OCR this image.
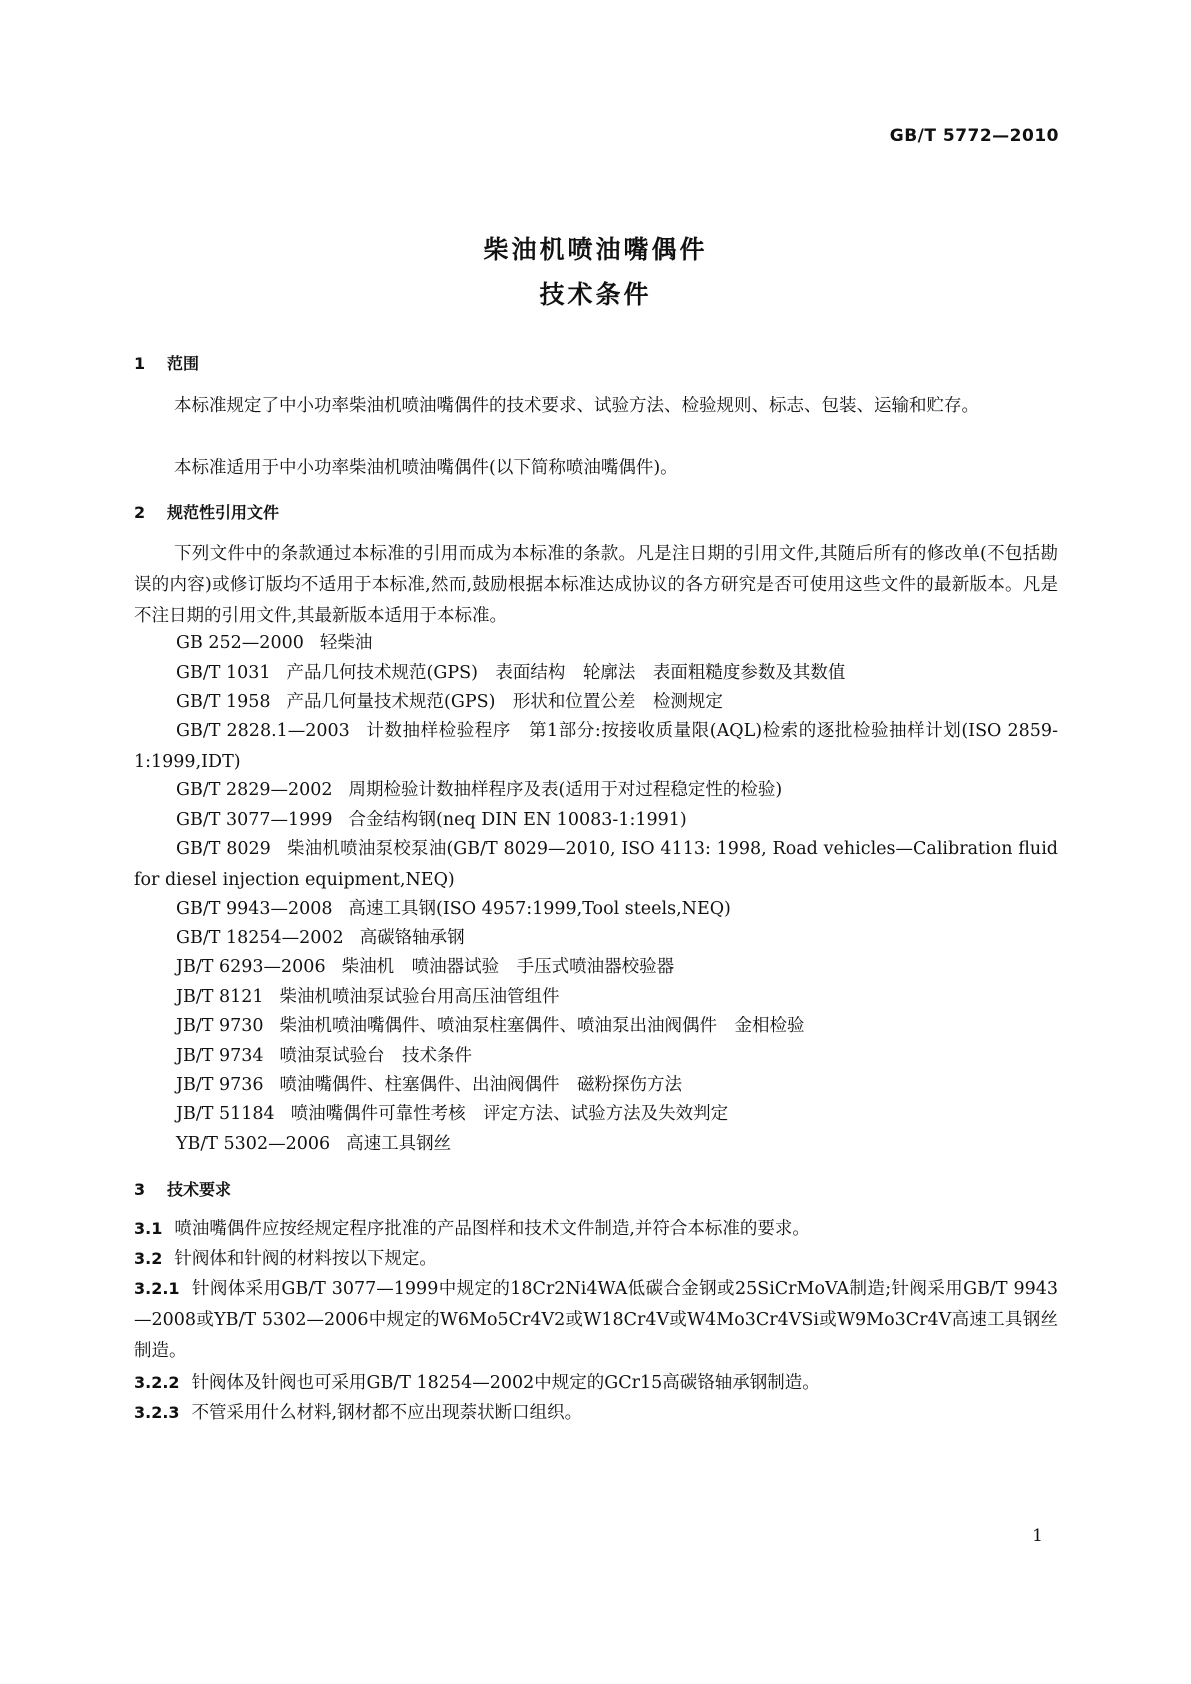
GB/T 5772—2010
柴油机喷油嘴偶件
技术条件
1 范围
本标准规定了中小功率柴油机喷油嘴偶件的技术要求、试验方法、检验规则、标志、包装、运输和贮存。
本标准适用于中小功率柴油机喷油嘴偶件(以下简称喷油嘴偶件)。
2 规范性引用文件
下列文件中的条款通过本标准的引用而成为本标准的条款。凡是注日期的引用文件,其随后所有的修改单(不包括勘误的内容)或修订版均不适用于本标准,然而,鼓励根据本标准达成协议的各方研究是否可使用这些文件的最新版本。凡是不注日期的引用文件,其最新版本适用于本标准。
GB 252—2000 轻柴油
GB/T 1031 产品几何技术规范(GPS)　表面结构　轮廓法　表面粗糙度参数及其数值
GB/T 1958 产品几何量技术规范(GPS)　形状和位置公差　检测规定
GB/T 2828.1—2003 计数抽样检验程序　第1部分:按接收质量限(AQL)检索的逐批检验抽样计划(ISO 2859-1:1999,IDT)
GB/T 2829—2002 周期检验计数抽样程序及表(适用于对过程稳定性的检验)
GB/T 3077—1999 合金结构钢(neq DIN EN 10083-1:1991)
GB/T 8029 柴油机喷油泵校泵油(GB/T 8029—2010, ISO 4113: 1998, Road vehicles—Calibration fluid for diesel injection equipment,NEQ)
GB/T 9943—2008 高速工具钢(ISO 4957:1999,Tool steels,NEQ)
GB/T 18254—2002 高碳铬轴承钢
JB/T 6293—2006 柴油机　喷油器试验　手压式喷油器校验器
JB/T 8121 柴油机喷油泵试验台用高压油管组件
JB/T 9730 柴油机喷油嘴偶件、喷油泵柱塞偶件、喷油泵出油阀偶件　金相检验
JB/T 9734 喷油泵试验台　技术条件
JB/T 9736 喷油嘴偶件、柱塞偶件、出油阀偶件　磁粉探伤方法
JB/T 51184 喷油嘴偶件可靠性考核　评定方法、试验方法及失效判定
YB/T 5302—2006 高速工具钢丝
3 技术要求
3.1 喷油嘴偶件应按经规定程序批准的产品图样和技术文件制造,并符合本标准的要求。
3.2 针阀体和针阀的材料按以下规定。
3.2.1 针阀体采用GB/T 3077—1999中规定的18Cr2Ni4WA低碳合金钢或25SiCrMoVA制造;针阀采用GB/T 9943—2008或YB/T 5302—2006中规定的W6Mo5Cr4V2或W18Cr4V或W4Mo3Cr4VSi或W9Mo3Cr4V高速工具钢丝制造。
3.2.2 针阀体及针阀也可采用GB/T 18254—2002中规定的GCr15高碳铬轴承钢制造。
3.2.3 不管采用什么材料,钢材都不应出现萘状断口组织。
1
